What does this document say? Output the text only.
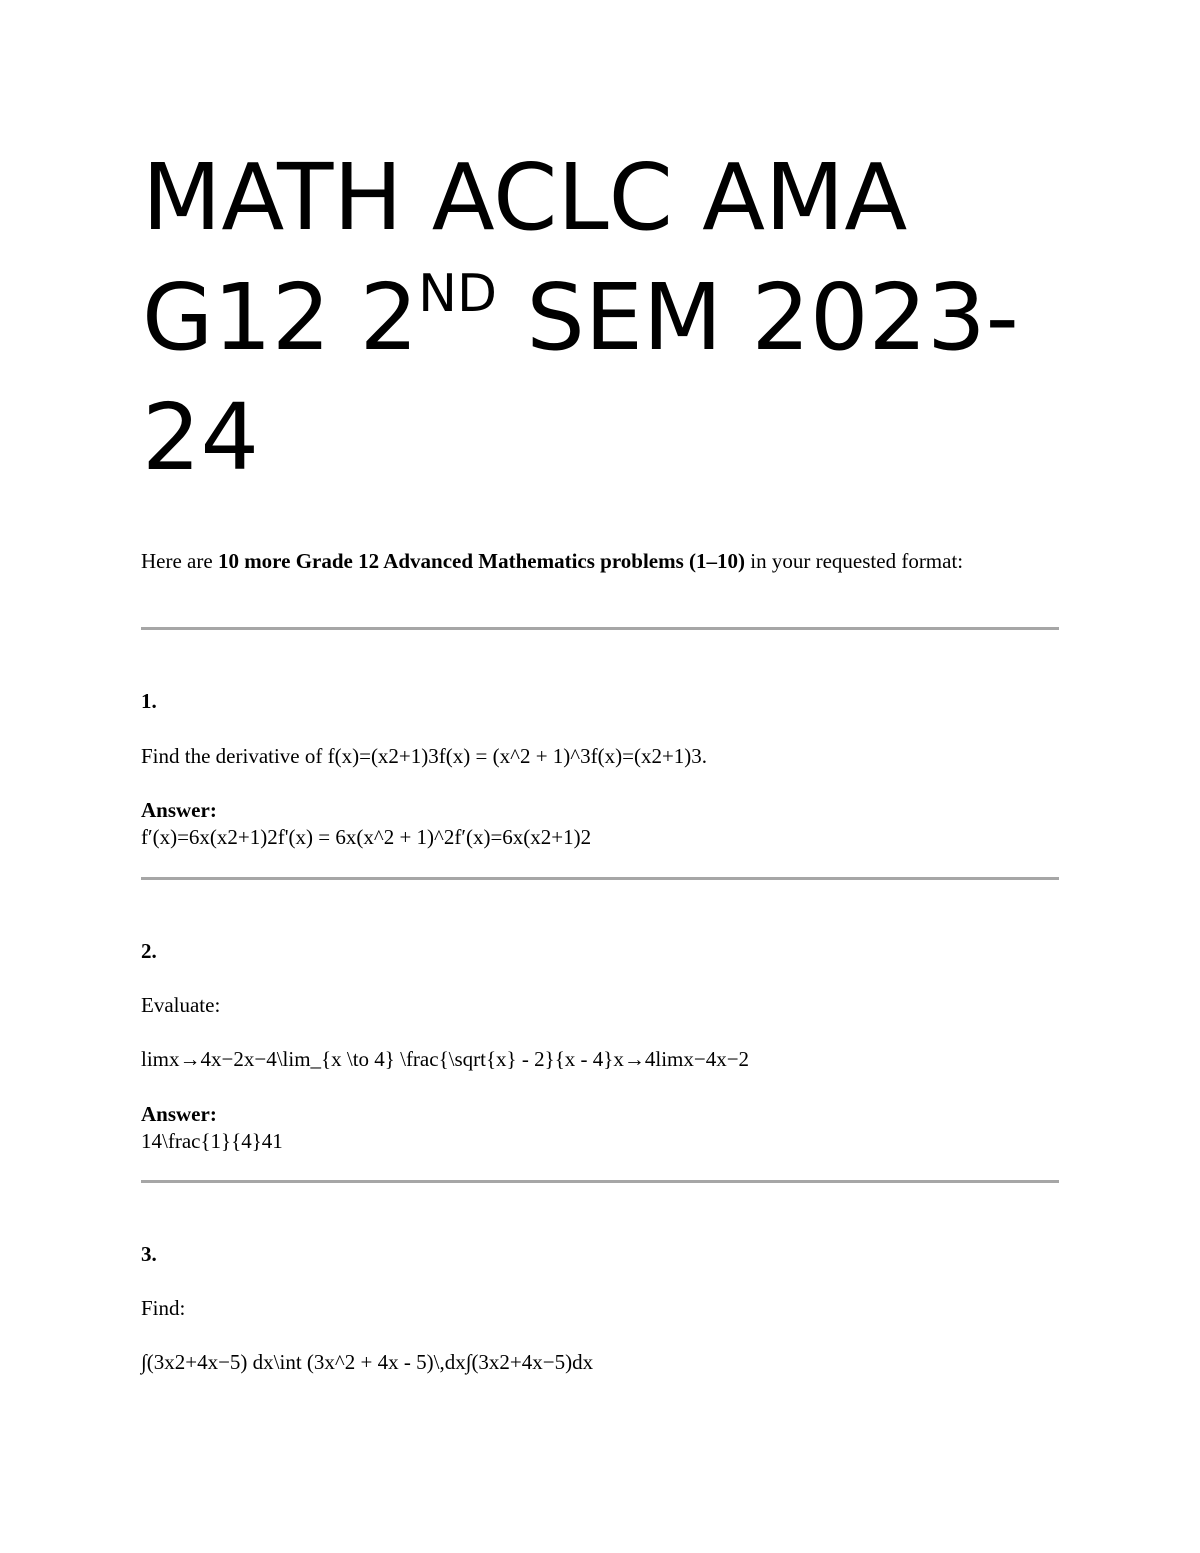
MATH ACLC AMA G12 2ND SEM 2023-24
Here are 10 more Grade 12 Advanced Mathematics problems (1–10) in your requested format:
1.
Find the derivative of f(x)=(x2+1)3f(x) = (x^2 + 1)^3f(x)=(x2+1)3.
Answer:
f′(x)=6x(x2+1)2f'(x) = 6x(x^2 + 1)^2f′(x)=6x(x2+1)2
2.
Evaluate:
limx→4x−2x−4\lim_{x \to 4} \frac{\sqrt{x} - 2}{x - 4}x→4limx−4x−2
Answer:
14\frac{1}{4}41
3.
Find:
∫(3x2+4x−5) dx\int (3x^2 + 4x - 5)\,dx∫(3x2+4x−5)dx
